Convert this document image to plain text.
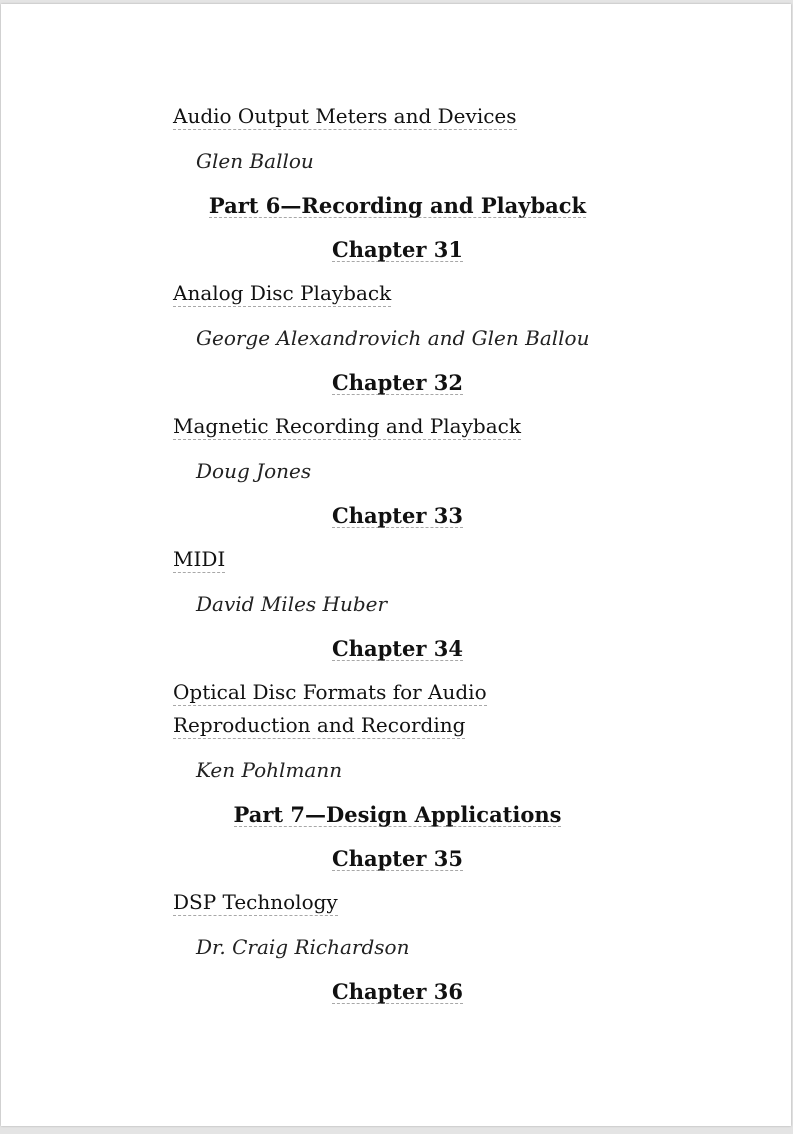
Audio Output Meters and Devices
Glen Ballou
Part 6—Recording and Playback
Chapter 31
Analog Disc Playback
George Alexandrovich and Glen Ballou
Chapter 32
Magnetic Recording and Playback
Doug Jones
Chapter 33
MIDI
David Miles Huber
Chapter 34
Optical Disc Formats for Audio
Reproduction and Recording
Ken Pohlmann
Part 7—Design Applications
Chapter 35
DSP Technology
Dr. Craig Richardson
Chapter 36
